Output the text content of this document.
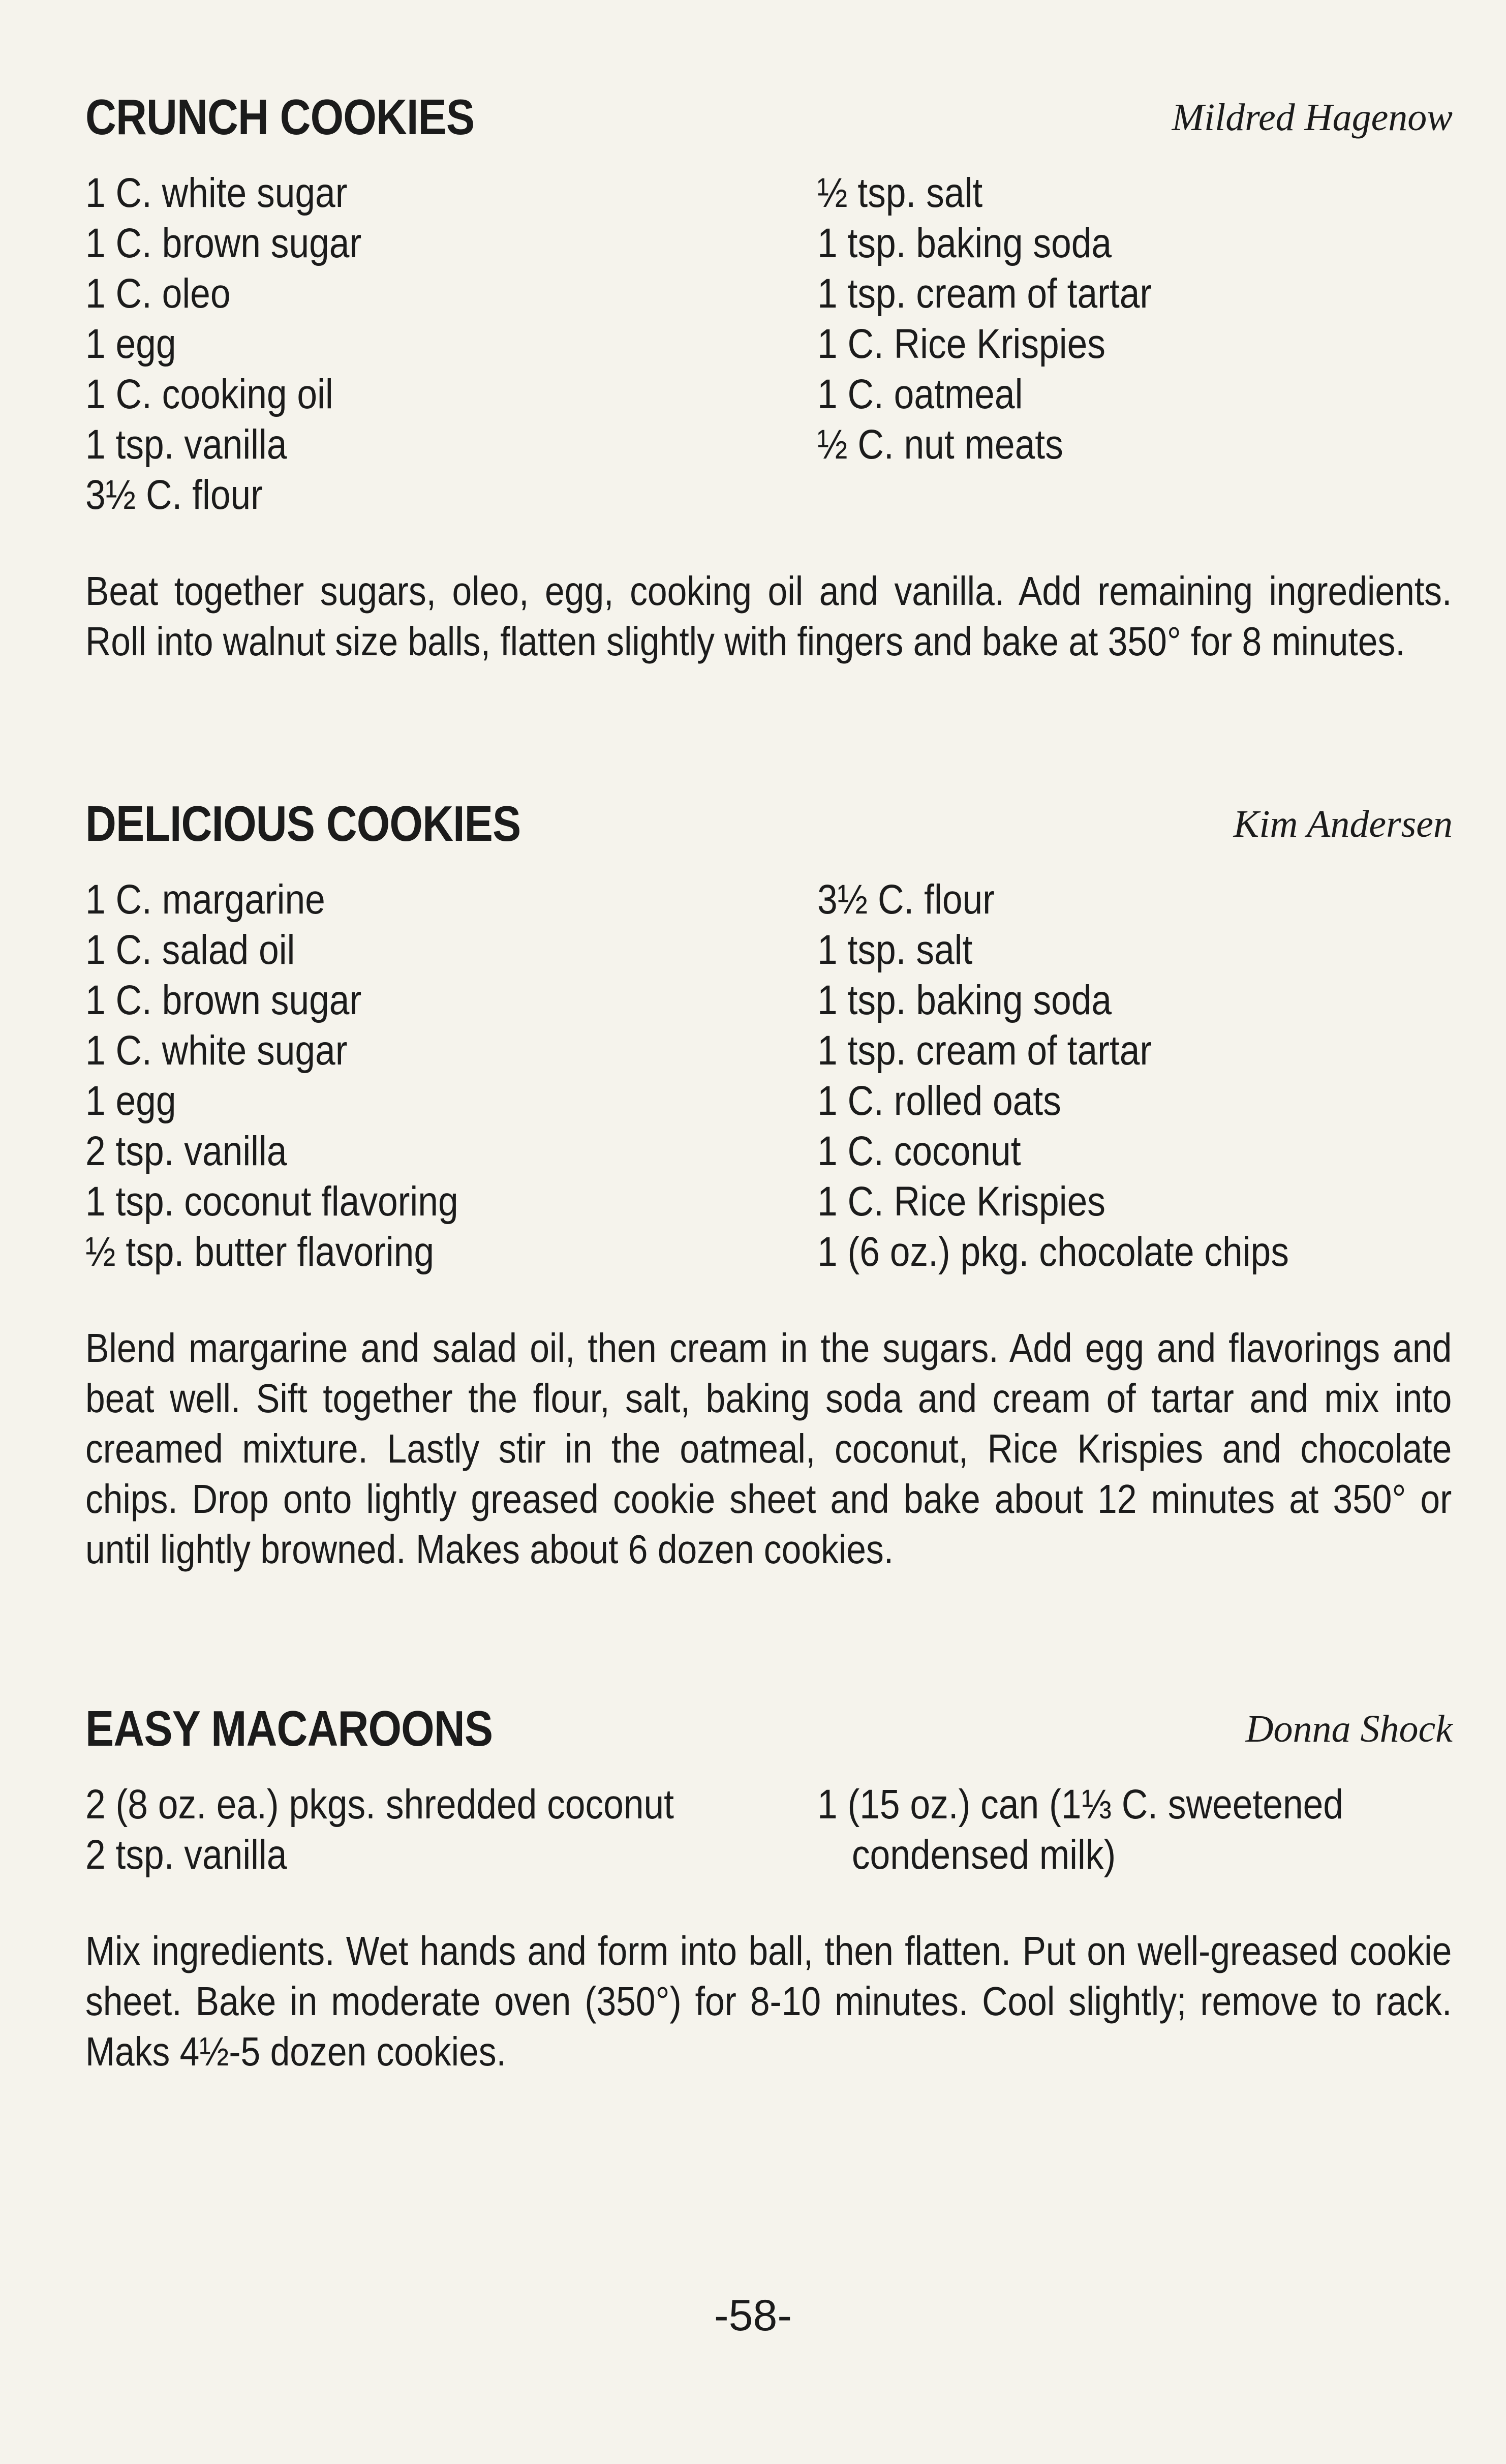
CRUNCH COOKIES	Mildred Hagenow
1 C. white sugar
1 C. brown sugar
1 C. oleo
1 egg
1 C. cooking oil
1 tsp. vanilla
3½ C. flour
½ tsp. salt
1 tsp. baking soda
1 tsp. cream of tartar
1 C. Rice Krispies
1 C. oatmeal
½ C. nut meats

Beat together sugars, oleo, egg, cooking oil and vanilla. Add remaining ingredients. Roll into walnut size balls, flatten slightly with fingers and bake at 350° for 8 minutes.

DELICIOUS COOKIES	Kim Andersen
1 C. margarine
1 C. salad oil
1 C. brown sugar
1 C. white sugar
1 egg
2 tsp. vanilla
1 tsp. coconut flavoring
½ tsp. butter flavoring
3½ C. flour
1 tsp. salt
1 tsp. baking soda
1 tsp. cream of tartar
1 C. rolled oats
1 C. coconut
1 C. Rice Krispies
1 (6 oz.) pkg. chocolate chips

Blend margarine and salad oil, then cream in the sugars. Add egg and flavorings and beat well. Sift together the flour, salt, baking soda and cream of tartar and mix into creamed mixture. Lastly stir in the oatmeal, coconut, Rice Krispies and chocolate chips. Drop onto lightly greased cookie sheet and bake about 12 minutes at 350° or until lightly browned. Makes about 6 dozen cookies.

EASY MACAROONS	Donna Shock
2 (8 oz. ea.) pkgs. shredded coconut
2 tsp. vanilla
1 (15 oz.) can (1⅓ C. sweetened condensed milk)

Mix ingredients. Wet hands and form into ball, then flatten. Put on well-greased cookie sheet. Bake in moderate oven (350°) for 8-10 minutes. Cool slightly; remove to rack. Maks 4½-5 dozen cookies.

-58-
